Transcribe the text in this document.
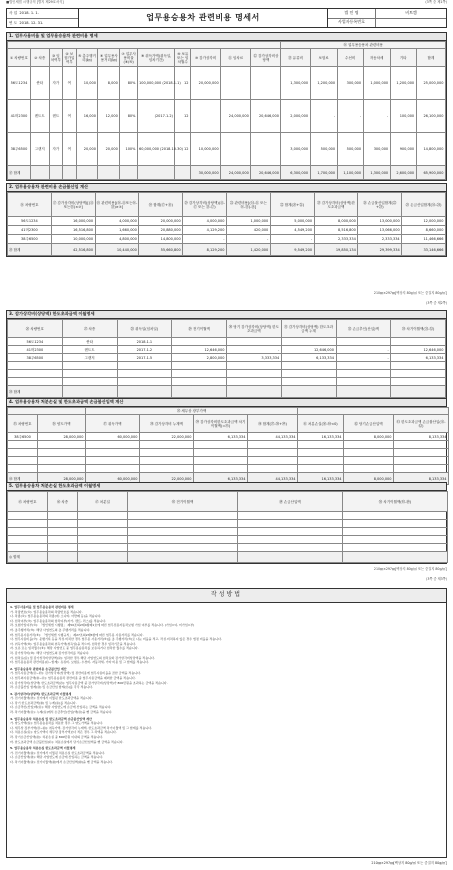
■법인세법 시행규칙 [별지 제29호서식]	(3쪽 중 제1쪽)
사 업
2018. 1. 1.
연 도
2018. 12. 31.
업무용승용차 관련비용 명세서
법 인 명	비트캠
사업자등록번호
1. 업무사용비율 및 업무용승용차 관련비용 명세
												⑭ 업무용승용차 관련비용					
① 차량번호	② 차종	③ 임차여부	④ 보험가입여부	⑤ 총주행거리(㎞)	⑥ 업무용사용거리(㎞)	⑦ 업무사용비율(⑥/⑤)	⑧ 취득가액(취득일, 임차기간)	⑨ 보유 또는 임차월수	⑩ 감가상각비	⑪ 임차료	⑫ 감가상각비상당액	⑬ 유류비	보험료	수선비	자동차세	기타	합계
56도1234	싼타	자가	여	10,000	8,000	80%	100,000,000 (2018.1.1)	12	20,000,000			1,300,000	1,200,000	300,000	1,000,000	1,200,000	25,000,000
41머2300	렌트트	렌트	여	16,000	12,000	80%	(2017.1.2)	12		24,000,000	20,646,000	2,000,000	-	-	-	100,000	26,100,000
38주6500	그랜저	자가	여	20,000	20,000	100%	60,000,000 (2018.10.30)	12	10,000,000			3,000,000	500,000	500,000	300,000	900,000	14,800,000
⑮ 합계									30,000,000	24,000,000	20,646,000	6,300,000	1,700,000	1,100,000	1,300,000	2,600,000	65,900,000
2. 업무용승용차 관련비용 손금불산입 계산
⑯ 차량번호	⑰ 감가상각비(상당액)[(⑪또는⑬)×⑦]	⑱ 관련비용[(⑭-⑪또는⑭-⑬)×⑦]	⑲ 합계(⑰+⑱)	⑳ 감가상각비(상당액)(⑪-⑰ 또는 ⑬-⑰)	㉑ 관련비용[(⑭-⑪ 또는 ⑭-⑬)-⑱]	㉒ 합계(⑳+㉑)	㉓ 감가상각비(상당액)한도초과금액	㉔ 손금불산입합계(㉒+㉓)	㉕ 손금산입합계(⑭-㉔)
56도1234	16,000,000	4,000,000	20,000,000	4,000,000	1,000,000	5,000,000	8,000,000	13,000,000	12,000,000
41머2300	16,516,800	1,660,000	20,880,000	4,129,200	420,000	4,549,200	8,516,800	13,066,000	8,660,000
38주6500	10,000,000	4,800,000	14,800,000	-	-	-	2,333,334	2,333,334	11,466,666
⑳ 합계	42,516,800	10,440,000	55,660,800	8,129,200	1,420,000	9,549,200	19,850,134	29,399,334	33,146,666
210㎜×297㎜[백상지 80g/㎡ 또는 중질지 80g/㎡]
(3쪽 중 제2쪽)
3. 감가상각비(상당액) 한도초과금액 이월명세
㉖ 차량번호	㉗ 차종	㉘ 취득일(임차일)	㉙ 전기이월액	㉚ 당기 감가상각비(상당액) 한도초과금액	㉛ 감가상각비(상당액) 한도초과금액 누계	㉜ 손금추인(산입)액	㉝ 차기이월액(㉛-㉜)
56도1234	싼타	2018.1.1					
41머2300	렌트트	2017.1.2	12,646,000	-	12,646,000	-	12,646,000
38주6500	그랜저	2017.1.5	2,800,000	3,333,334	6,133,334	-	6,133,334

㉞ 합계							
4. 업무용승용차 처분손실 및 한도초과금액 손금불산입액 계산
		㉟ 세무상 장부가액						
㉟ 차량번호	㊱ 양도가액	㊲ 취득가액	㊳ 감가상각비 누계액	㊴ 감가상각비한도초과금액 차기이월액(=㉝)	㊵ 합계(㊲-㊳+㊴)	㊶ 처분손실(㊱-㊵<0)	㊷ 당기손금산입액	㊸ 한도초과금액 손금불산입(㊶-㊷)
38주6500	28,000,000	60,000,000	22,000,000	6,133,334	44,133,334	16,133,334	8,000,000	8,133,334

㊹ 합계	28,000,000	60,000,000	22,000,000	6,133,334	44,133,334	16,133,334	8,000,000	8,133,334
5. 업무용승용차 처분손실 한도초과금액 이월명세
㊺ 차량번호	㊻ 차종	㊼ 처분일	㊽ 전기이월액	㊾ 손금산입액	㊿ 차기이월액(㊽-㊾)

◎ 합계					
210㎜×297㎜[백상지 80g/㎡ 또는 중질지 80g/㎡]
(3쪽 중 제3쪽)
작성방법
1. 업무사용비율 및 업무용승용차 관련비용 명세
가. 차량번호(①): 업무용승용차의 차량번호를 적습니다.
나. 차종(②): 업무용승용차의 차종(예: 소나타, 아반떼 등)을 적습니다.
다. 임차여부(③): 업무용승용차의 임차여부(자가, 렌트, 리스)를 적습니다.
라. 보험가입여부(④): 「법인세법 시행령」 제50조의2제4항제1호에 따른 업무전용자동차보험 가입 여부를 적습니다. (가입=여, 미가입=부)
마. 총주행거리(⑤): 해당 사업연도의 총 주행거리를 적습니다.
바. 업무용사용거리(⑥): 「법인세법 시행규칙」 제27조의2제5항에 따른 업무용 사용거리를 적습니다.
사. 업무사용비율(⑦): 운행기록 등을 작성·비치한 경우 업무용 사용거리(⑥)를 총 주행거리(⑤)로 나눈 비율을 적고, 작성·비치하지 않은 경우 법정 비율을 적습니다.
아. 취득가액(⑧): 업무용승용차의 취득가액(취득일)을 적으며, 임차한 경우 임차기간을 적습니다.
자. 보유 또는 임차월수(⑨): 해당 사업연도 중 업무용승용차를 보유하거나 임차한 월수를 적습니다.
차. 감가상각비(⑩): 해당 사업연도의 감가상각비를 적습니다.
카. 임차료(⑪) 및 감가상각비상당액(⑫): 임차한 경우 해당 사업연도의 임차료와 감가상각비상당액을 적습니다.
타. 업무용승용차 관련비용(⑬~합계): 유류비, 보험료, 수선비, 자동차세, 기타 비용 및 그 합계를 적습니다.
2. 업무용승용차 관련비용 손금불산입 계산
가. 업무사용금액(⑰~⑲): 감가상각비(상당액) 및 관련비용에 업무사용비율을 곱한 금액을 적습니다.
나. 업무외사용금액(⑳~㉒): 업무용승용차 관련비용 중 업무사용금액을 제외한 금액을 적습니다.
다. 감가상각비(상당액) 한도초과금액(㉓): 업무사용금액 중 감가상각비(상당액)가 800만원을 초과하는 금액을 적습니다.
라. 손금불산입 합계(㉔) 및 손금산입 합계(㉕)를 각각 적습니다.
3. 감가상각비(상당액) 한도초과금액 이월명세
가. 전기이월액(㉙): 전기에서 이월된 한도초과금액을 적습니다.
나. 당기 한도초과금액(㉚) 및 누계(㉛)를 적습니다.
다. 손금추인(산입)액(㉜): 해당 사업연도에 손금에 산입하는 금액을 적습니다.
라. 차기이월액(㉝): 누계(㉛)에서 손금추인(산입)액(㉜)을 뺀 금액을 적습니다.
4. 업무용승용차 처분손실 및 한도초과금액 손금불산입액 계산
가. 양도가액(㊱): 업무용승용차를 처분한 경우 그 양도가액을 적습니다.
나. 세무상 장부가액(㊲~㊵): 취득가액, 감가상각비 누계액, 한도초과금액 차기이월액 및 그 합계를 적습니다.
다. 처분손실(㊶): 양도가액이 세무상 장부가액보다 적은 경우 그 차액을 적습니다.
라. 당기손금산입액(㊷): 처분손실 중 800만원 이내의 금액을 적습니다.
마. 한도초과금액 손금불산입(㊸): 처분손실에서 당기손금산입액을 뺀 금액을 적습니다.
5. 업무용승용차 처분손실 한도초과금액 이월명세
가. 전기이월액(㊽): 전기에서 이월된 처분손실 한도초과금액을 적습니다.
나. 손금산입액(㊾): 해당 사업연도에 손금에 산입하는 금액을 적습니다.
다. 차기이월액(㊿): 전기이월액(㊽)에서 손금산입액(㊾)을 뺀 금액을 적습니다.
210㎜×297㎜[백상지 80g/㎡ 또는 중질지 80g/㎡]
